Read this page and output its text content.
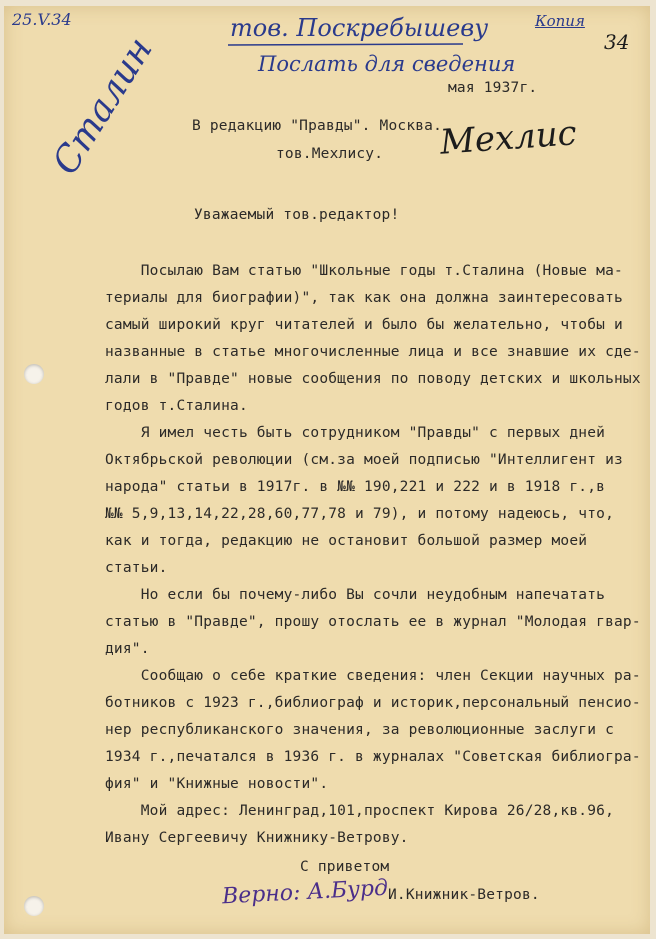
25.V.34	Копия
34
тов. Поскребышеву
Послать для сведения
Сталин	Мехлис
мая 1937г.
В редакцию "Правды". Москва.
тов.Мехлису.
Уважаемый тов.редактор!
Посылаю Вам статью "Школьные годы т.Сталина (Новые ма-
териалы для биографии)", так как она должна заинтересовать
самый широкий круг читателей и было бы желательно, чтобы и
названные в статье многочисленные лица и все знавшие их сде-
лали в "Правде" новые сообщения по поводу детских и школьных
годов т.Сталина.
Я имел честь быть сотрудником "Правды" с первых дней
Октябрьской революции (см.за моей подписью "Интеллигент из
народа" статьи в 1917г. в №№ 190,221 и 222 и в 1918 г.,в
№№ 5,9,13,14,22,28,60,77,78 и 79), и потому надеюсь, что,
как и тогда, редакцию не остановит большой размер моей
статьи.
Но если бы почему-либо Вы сочли неудобным напечатать
статью в "Правде", прошу отослать ее в журнал "Молодая гвар-
дия".
Сообщаю о себе краткие сведения: член Секции научных ра-
ботников с 1923 г.,библиограф и историк,персональный пенсио-
нер республиканского значения, за революционные заслуги с
1934 г.,печатался в 1936 г. в журналах "Советская библиогра-
фия" и "Книжные новости".
Мой адрес: Ленинград,101,проспект Кирова 26/28,кв.96,
Ивану Сергеевичу Книжнику-Ветрову.
С приветом
И.Книжник-Ветров.
Верно: А.Бурд
